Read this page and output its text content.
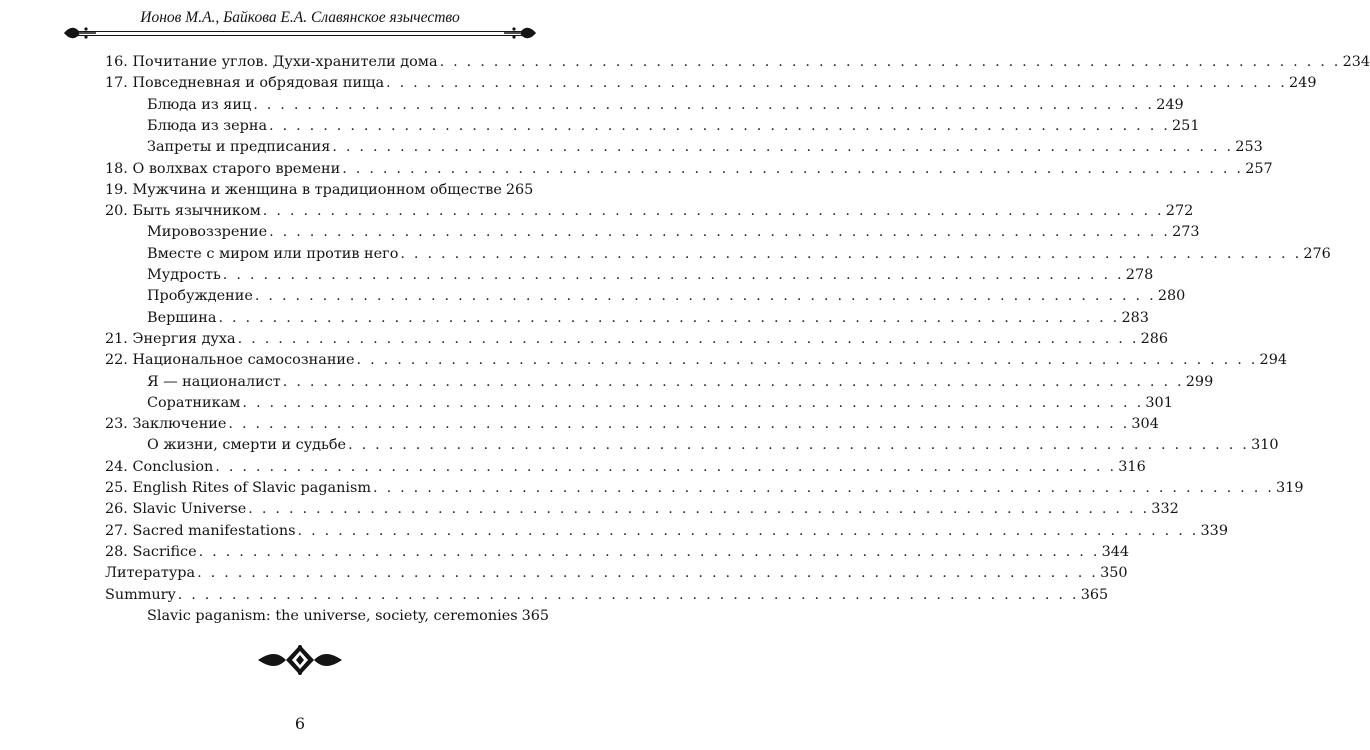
Ионов М.А., Байкова Е.А. Славянское язычество
16. Почитание углов. Духи-хранители дома . . . . . . . . . . . . . . . . . . . . . . . . . . . . . . . . . . . . . . . . . . . . . . . . . . . . . . . . . . . . . . . . . . . 234
17. Повседневная и обрядовая пища . . . . . . . . . . . . . . . . . . . . . . . . . . . . . . . . . . . . . . . . . . . . . . . . . . . . . . . . . . . . . . . . . . . 249
Блюда из яиц . . . . . . . . . . . . . . . . . . . . . . . . . . . . . . . . . . . . . . . . . . . . . . . . . . . . . . . . . . . . . . . . . . . 249
Блюда из зерна . . . . . . . . . . . . . . . . . . . . . . . . . . . . . . . . . . . . . . . . . . . . . . . . . . . . . . . . . . . . . . . . . . . 251
Запреты и предписания . . . . . . . . . . . . . . . . . . . . . . . . . . . . . . . . . . . . . . . . . . . . . . . . . . . . . . . . . . . . . . . . . . . 253
18. О волхвах старого времени . . . . . . . . . . . . . . . . . . . . . . . . . . . . . . . . . . . . . . . . . . . . . . . . . . . . . . . . . . . . . . . . . . . 257
19. Мужчина и женщина в традиционном обществе 265
20. Быть язычником . . . . . . . . . . . . . . . . . . . . . . . . . . . . . . . . . . . . . . . . . . . . . . . . . . . . . . . . . . . . . . . . . . . 272
Мировоззрение . . . . . . . . . . . . . . . . . . . . . . . . . . . . . . . . . . . . . . . . . . . . . . . . . . . . . . . . . . . . . . . . . . . 273
Вместе с миром или против него . . . . . . . . . . . . . . . . . . . . . . . . . . . . . . . . . . . . . . . . . . . . . . . . . . . . . . . . . . . . . . . . . . . 276
Мудрость . . . . . . . . . . . . . . . . . . . . . . . . . . . . . . . . . . . . . . . . . . . . . . . . . . . . . . . . . . . . . . . . . . . 278
Пробуждение . . . . . . . . . . . . . . . . . . . . . . . . . . . . . . . . . . . . . . . . . . . . . . . . . . . . . . . . . . . . . . . . . . . 280
Вершина . . . . . . . . . . . . . . . . . . . . . . . . . . . . . . . . . . . . . . . . . . . . . . . . . . . . . . . . . . . . . . . . . . . 283
21. Энергия духа . . . . . . . . . . . . . . . . . . . . . . . . . . . . . . . . . . . . . . . . . . . . . . . . . . . . . . . . . . . . . . . . . . . 286
22. Национальное самосознание . . . . . . . . . . . . . . . . . . . . . . . . . . . . . . . . . . . . . . . . . . . . . . . . . . . . . . . . . . . . . . . . . . . 294
Я — националист . . . . . . . . . . . . . . . . . . . . . . . . . . . . . . . . . . . . . . . . . . . . . . . . . . . . . . . . . . . . . . . . . . . 299
Соратникам . . . . . . . . . . . . . . . . . . . . . . . . . . . . . . . . . . . . . . . . . . . . . . . . . . . . . . . . . . . . . . . . . . . 301
23. Заключение . . . . . . . . . . . . . . . . . . . . . . . . . . . . . . . . . . . . . . . . . . . . . . . . . . . . . . . . . . . . . . . . . . . 304
О жизни, смерти и судьбе . . . . . . . . . . . . . . . . . . . . . . . . . . . . . . . . . . . . . . . . . . . . . . . . . . . . . . . . . . . . . . . . . . . 310
24. Conclusion . . . . . . . . . . . . . . . . . . . . . . . . . . . . . . . . . . . . . . . . . . . . . . . . . . . . . . . . . . . . . . . . . . . 316
25. English Rites of Slavic paganism . . . . . . . . . . . . . . . . . . . . . . . . . . . . . . . . . . . . . . . . . . . . . . . . . . . . . . . . . . . . . . . . . . . 319
26. Slavic Universe . . . . . . . . . . . . . . . . . . . . . . . . . . . . . . . . . . . . . . . . . . . . . . . . . . . . . . . . . . . . . . . . . . . 332
27. Sacred manifestations . . . . . . . . . . . . . . . . . . . . . . . . . . . . . . . . . . . . . . . . . . . . . . . . . . . . . . . . . . . . . . . . . . . 339
28. Sacrifice . . . . . . . . . . . . . . . . . . . . . . . . . . . . . . . . . . . . . . . . . . . . . . . . . . . . . . . . . . . . . . . . . . . 344
Литература . . . . . . . . . . . . . . . . . . . . . . . . . . . . . . . . . . . . . . . . . . . . . . . . . . . . . . . . . . . . . . . . . . . 350
Summury . . . . . . . . . . . . . . . . . . . . . . . . . . . . . . . . . . . . . . . . . . . . . . . . . . . . . . . . . . . . . . . . . . . 365
Slavic paganism: the universe, society, ceremonies 365
6
